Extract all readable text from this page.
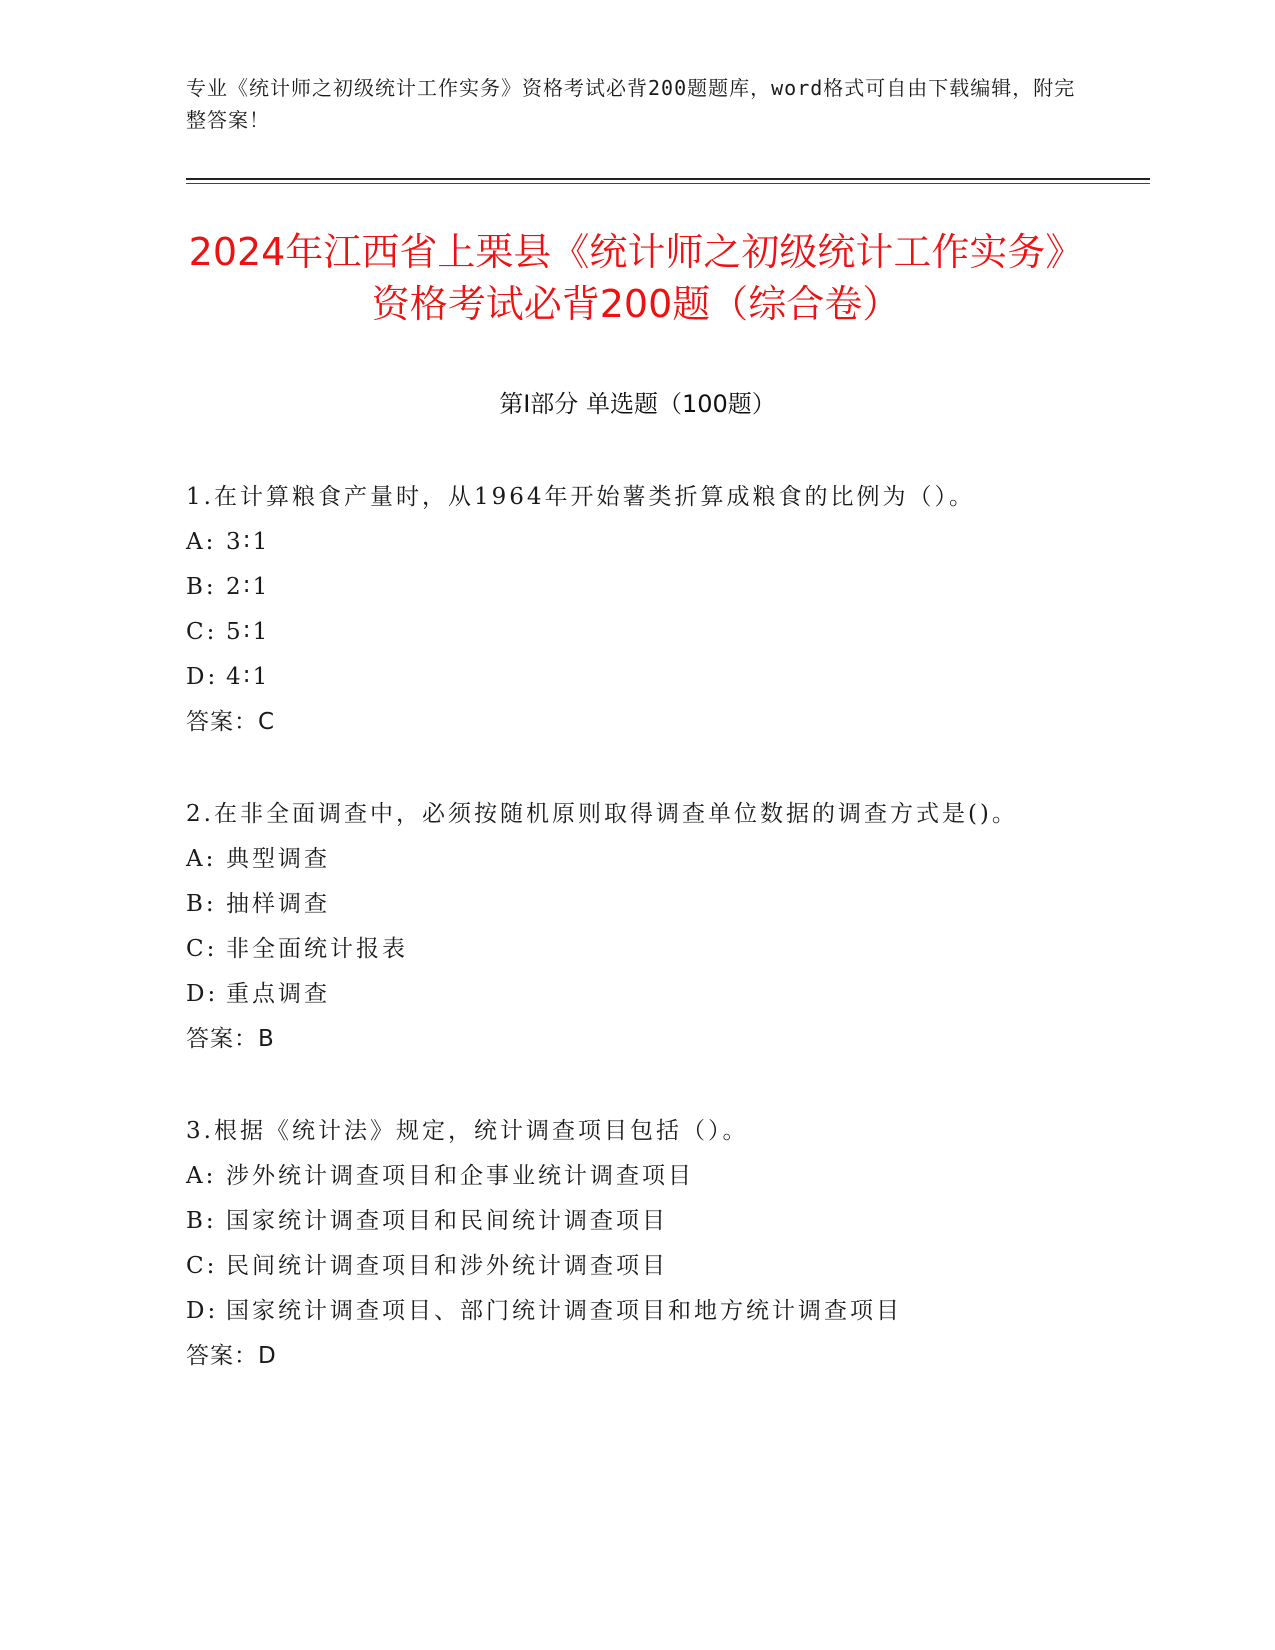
专业《统计师之初级统计工作实务》资格考试必背200题题库，word格式可自由下载编辑，附完整答案！
2024年江西省上栗县《统计师之初级统计工作实务》资格考试必背200题（综合卷）
第Ⅰ部分 单选题（100题）

1.在计算粮食产量时，从1964年开始薯类折算成粮食的比例为（）。

A: 3∶1

B: 2∶1

C: 5∶1

D: 4∶1

答案：C

2.在非全面调查中，必须按随机原则取得调查单位数据的调查方式是()。

A: 典型调查

B: 抽样调查

C: 非全面统计报表

D: 重点调查

答案：B

3.根据《统计法》规定，统计调查项目包括（）。

A: 涉外统计调查项目和企事业统计调查项目

B: 国家统计调查项目和民间统计调查项目

C: 民间统计调查项目和涉外统计调查项目

D: 国家统计调查项目、部门统计调查项目和地方统计调查项目

答案：D
